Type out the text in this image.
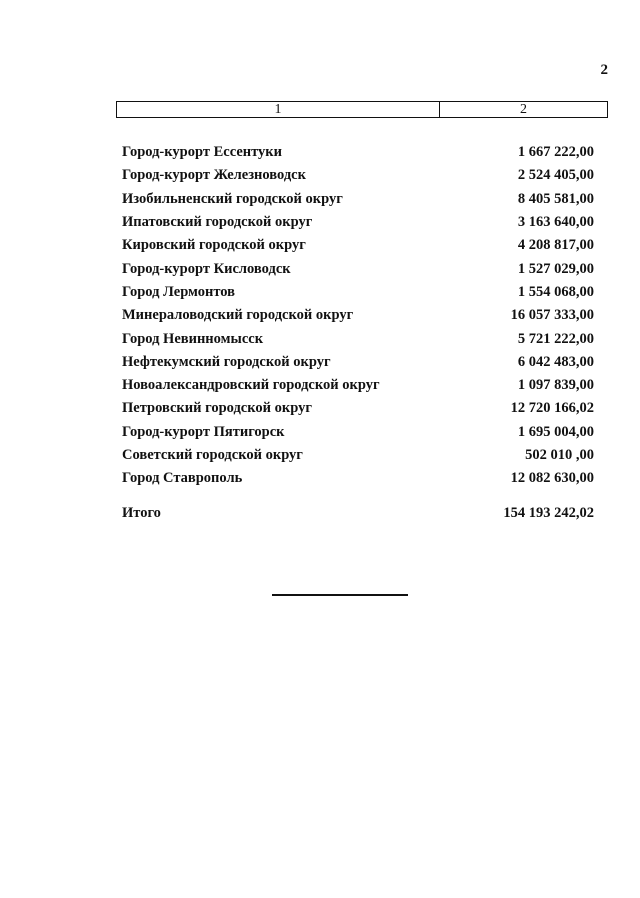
2
1	2
Город-курорт Ессентуки	1 667 222,00
Город-курорт Железноводск	2 524 405,00
Изобильненский городской округ	8 405 581,00
Ипатовский городской округ	3 163 640,00
Кировский городской округ	4 208 817,00
Город-курорт Кисловодск	1 527 029,00
Город Лермонтов	1 554 068,00
Минераловодский городской округ	16 057 333,00
Город Невинномысск	5 721 222,00
Нефтекумский городской округ	6 042 483,00
Новоалександровский городской округ	1 097 839,00
Петровский городской округ	12 720 166,02
Город-курорт Пятигорск	1 695 004,00
Советский городской округ	502 010 ,00
Город Ставрополь	12 082 630,00
Итого	154 193 242,02
